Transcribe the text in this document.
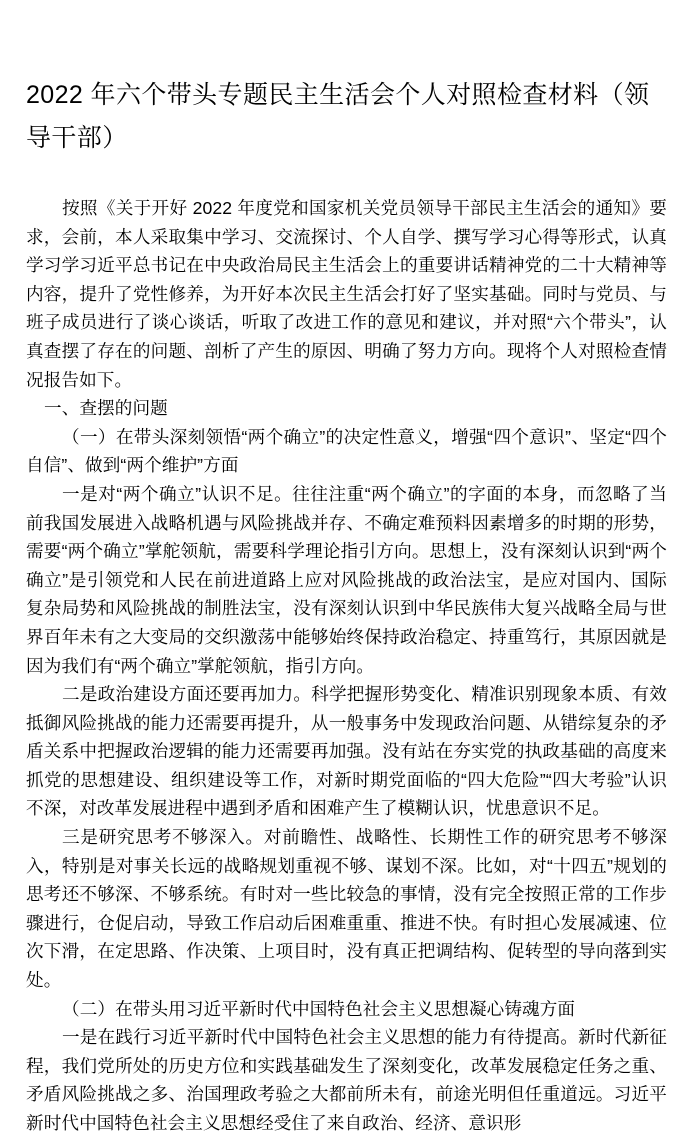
2022 年六个带头专题民主生活会个人对照检查材料（领导干部）

按照《关于开好 2022 年度党和国家机关党员领导干部民主生活会的通知》要求，会前，本人采取集中学习、交流探讨、个人自学、撰写学习心得等形式，认真学习学习近平总书记在中央政治局民主生活会上的重要讲话精神党的二十大精神等内容，提升了党性修养，为开好本次民主生活会打好了坚实基础。同时与党员、与班子成员进行了谈心谈话，听取了改进工作的意见和建议，并对照“六个带头”，认真查摆了存在的问题、剖析了产生的原因、明确了努力方向。现将个人对照检查情况报告如下。

一、查摆的问题

（一）在带头深刻领悟“两个确立”的决定性意义，增强“四个意识”、坚定“四个自信”、做到“两个维护”方面

一是对“两个确立”认识不足。往往注重“两个确立”的字面的本身，而忽略了当前我国发展进入战略机遇与风险挑战并存、不确定难预料因素增多的时期的形势，需要“两个确立”掌舵领航，需要科学理论指引方向。思想上，没有深刻认识到“两个确立”是引领党和人民在前进道路上应对风险挑战的政治法宝，是应对国内、国际复杂局势和风险挑战的制胜法宝，没有深刻认识到中华民族伟大复兴战略全局与世界百年未有之大变局的交织激荡中能够始终保持政治稳定、持重笃行，其原因就是因为我们有“两个确立”掌舵领航，指引方向。

二是政治建设方面还要再加力。科学把握形势变化、精准识别现象本质、有效抵御风险挑战的能力还需要再提升，从一般事务中发现政治问题、从错综复杂的矛盾关系中把握政治逻辑的能力还需要再加强。没有站在夯实党的执政基础的高度来抓党的思想建设、组织建设等工作，对新时期党面临的“四大危险”“四大考验”认识不深，对改革发展进程中遇到矛盾和困难产生了模糊认识，忧患意识不足。

三是研究思考不够深入。对前瞻性、战略性、长期性工作的研究思考不够深入，特别是对事关长远的战略规划重视不够、谋划不深。比如，对“十四五”规划的思考还不够深、不够系统。有时对一些比较急的事情，没有完全按照正常的工作步骤进行，仓促启动，导致工作启动后困难重重、推进不快。有时担心发展减速、位次下滑，在定思路、作决策、上项目时，没有真正把调结构、促转型的导向落到实处。

（二）在带头用习近平新时代中国特色社会主义思想凝心铸魂方面

一是在践行习近平新时代中国特色社会主义思想的能力有待提高。新时代新征程，我们党所处的历史方位和实践基础发生了深刻变化，改革发展稳定任务之重、矛盾风险挑战之多、治国理政考验之大都前所未有，前途光明但任重道远。习近平新时代中国特色社会主义思想经受住了来自政治、经济、意识形
